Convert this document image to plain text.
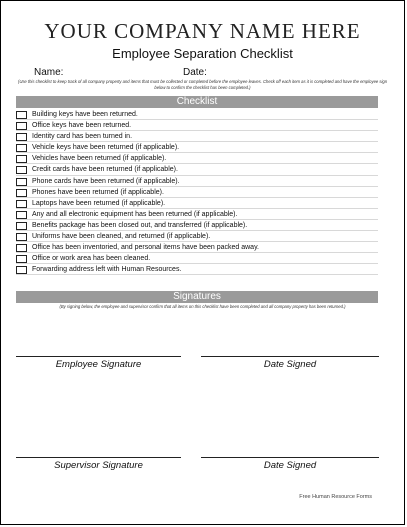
YOUR COMPANY NAME HERE
Employee Separation Checklist
Name:	Date:
(Use this checklist to keep track of all company property and items that must be collected or completed before the employee leaves. Check off each item as it is completed and have the employee sign below to confirm the checklist has been completed.)
Checklist
Building keys have been returned.
Office keys have been returned.
Identity card has been turned in.
Vehicle keys have been returned (if applicable).
Vehicles have been returned (if applicable).
Credit cards have been returned (if applicable).
Phone cards have been returned (if applicable).
Phones have been returned (if applicable).
Laptops have been returned (if applicable).
Any and all electronic equipment has been returned (if applicable).
Benefits package has been closed out, and transferred (if applicable).
Uniforms have been cleaned, and returned (if applicable).
Office has been inventoried, and personal items have been packed away.
Office or work area has been cleaned.
Forwarding address left with Human Resources.
Signatures
(By signing below, the employee and supervisor confirm that all items on this checklist have been completed and all company property has been returned.)
Employee Signature	Date Signed
Supervisor Signature	Date Signed
Free Human Resource Forms
